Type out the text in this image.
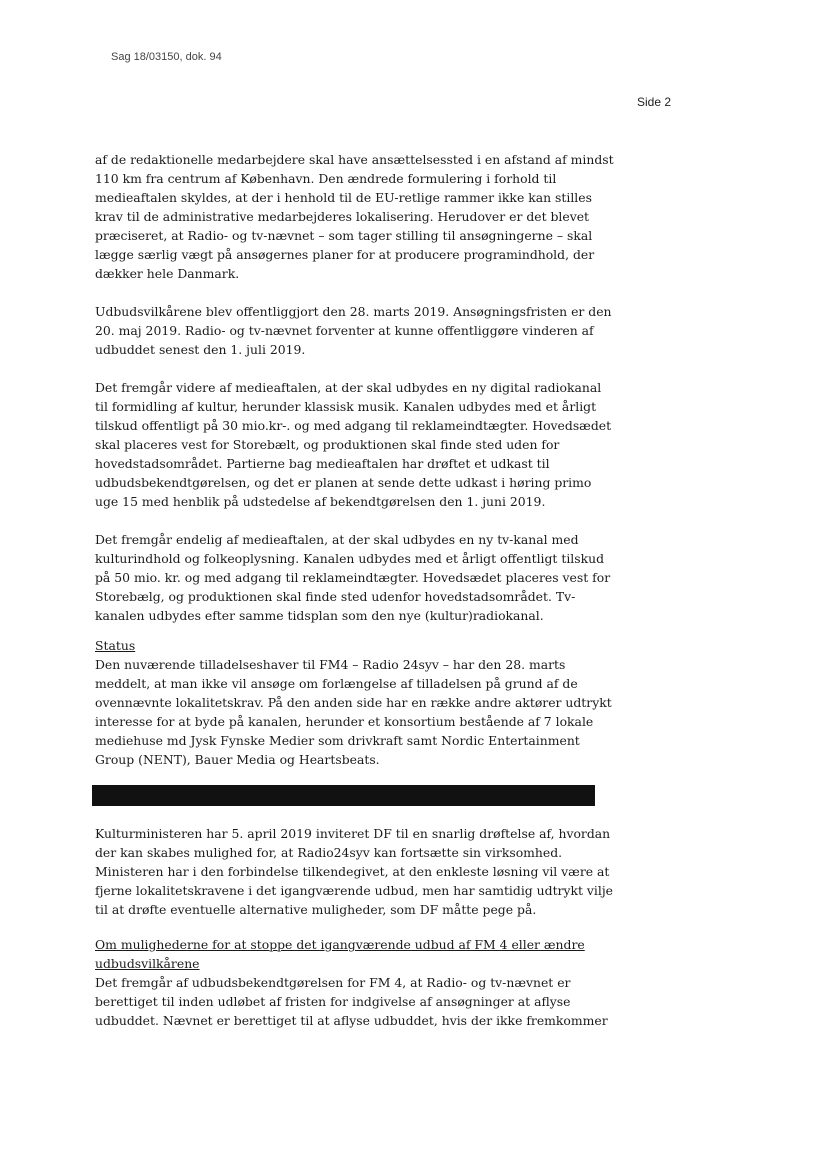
Sag 18/03150, dok. 94
Side 2

af de redaktionelle medarbejdere skal have ansættelsessted i en afstand af mindst 110 km fra centrum af København. Den ændrede formulering i forhold til medieaftalen skyldes, at der i henhold til de EU-retlige rammer ikke kan stilles krav til de administrative medarbejderes lokalisering. Herudover er det blevet præciseret, at Radio- og tv-nævnet – som tager stilling til ansøgningerne – skal lægge særlig vægt på ansøgernes planer for at producere programindhold, der dækker hele Danmark.

Udbudsvilkårene blev offentliggjort den 28. marts 2019. Ansøgningsfristen er den 20. maj 2019. Radio- og tv-nævnet forventer at kunne offentliggøre vinderen af udbuddet senest den 1. juli 2019.

Det fremgår videre af medieaftalen, at der skal udbydes en ny digital radiokanal til formidling af kultur, herunder klassisk musik. Kanalen udbydes med et årligt tilskud offentligt på 30 mio.kr-. og med adgang til reklameindtægter. Hovedsædet skal placeres vest for Storebælt, og produktionen skal finde sted uden for hovedstadsområdet. Partierne bag medieaftalen har drøftet et udkast til udbudsbekendtgørelsen, og det er planen at sende dette udkast i høring primo uge 15 med henblik på udstedelse af bekendtgørelsen den 1. juni 2019.

Det fremgår endelig af medieaftalen, at der skal udbydes en ny tv-kanal med kulturindhold og folkeoplysning. Kanalen udbydes med et årligt offentligt tilskud på 50 mio. kr. og med adgang til reklameindtægter. Hovedsædet placeres vest for Storebælg, og produktionen skal finde sted udenfor hovedstadsområdet. Tv-kanalen udbydes efter samme tidsplan som den nye (kultur)radiokanal.

Status

Den nuværende tilladelseshaver til FM4 – Radio 24syv – har den 28. marts meddelt, at man ikke vil ansøge om forlængelse af tilladelsen på grund af de ovennævnte lokalitetskrav. På den anden side har en række andre aktører udtrykt interesse for at byde på kanalen, herunder et konsortium bestående af 7 lokale mediehuse md Jysk Fynske Medier som drivkraft samt Nordic Entertainment Group (NENT), Bauer Media og Heartsbeats.

Kulturministeren har 5. april 2019 inviteret DF til en snarlig drøftelse af, hvordan der kan skabes mulighed for, at Radio24syv kan fortsætte sin virksomhed. Ministeren har i den forbindelse tilkendegivet, at den enkleste løsning vil være at fjerne lokalitetskravene i det igangværende udbud, men har samtidig udtrykt vilje til at drøfte eventuelle alternative muligheder, som DF måtte pege på.

Om mulighederne for at stoppe det igangværende udbud af FM 4 eller ændre udbudsvilkårene

Det fremgår af udbudsbekendtgørelsen for FM 4, at Radio- og tv-nævnet er berettiget til inden udløbet af fristen for indgivelse af ansøgninger at aflyse udbuddet. Nævnet er berettiget til at aflyse udbuddet, hvis der ikke fremkommer
